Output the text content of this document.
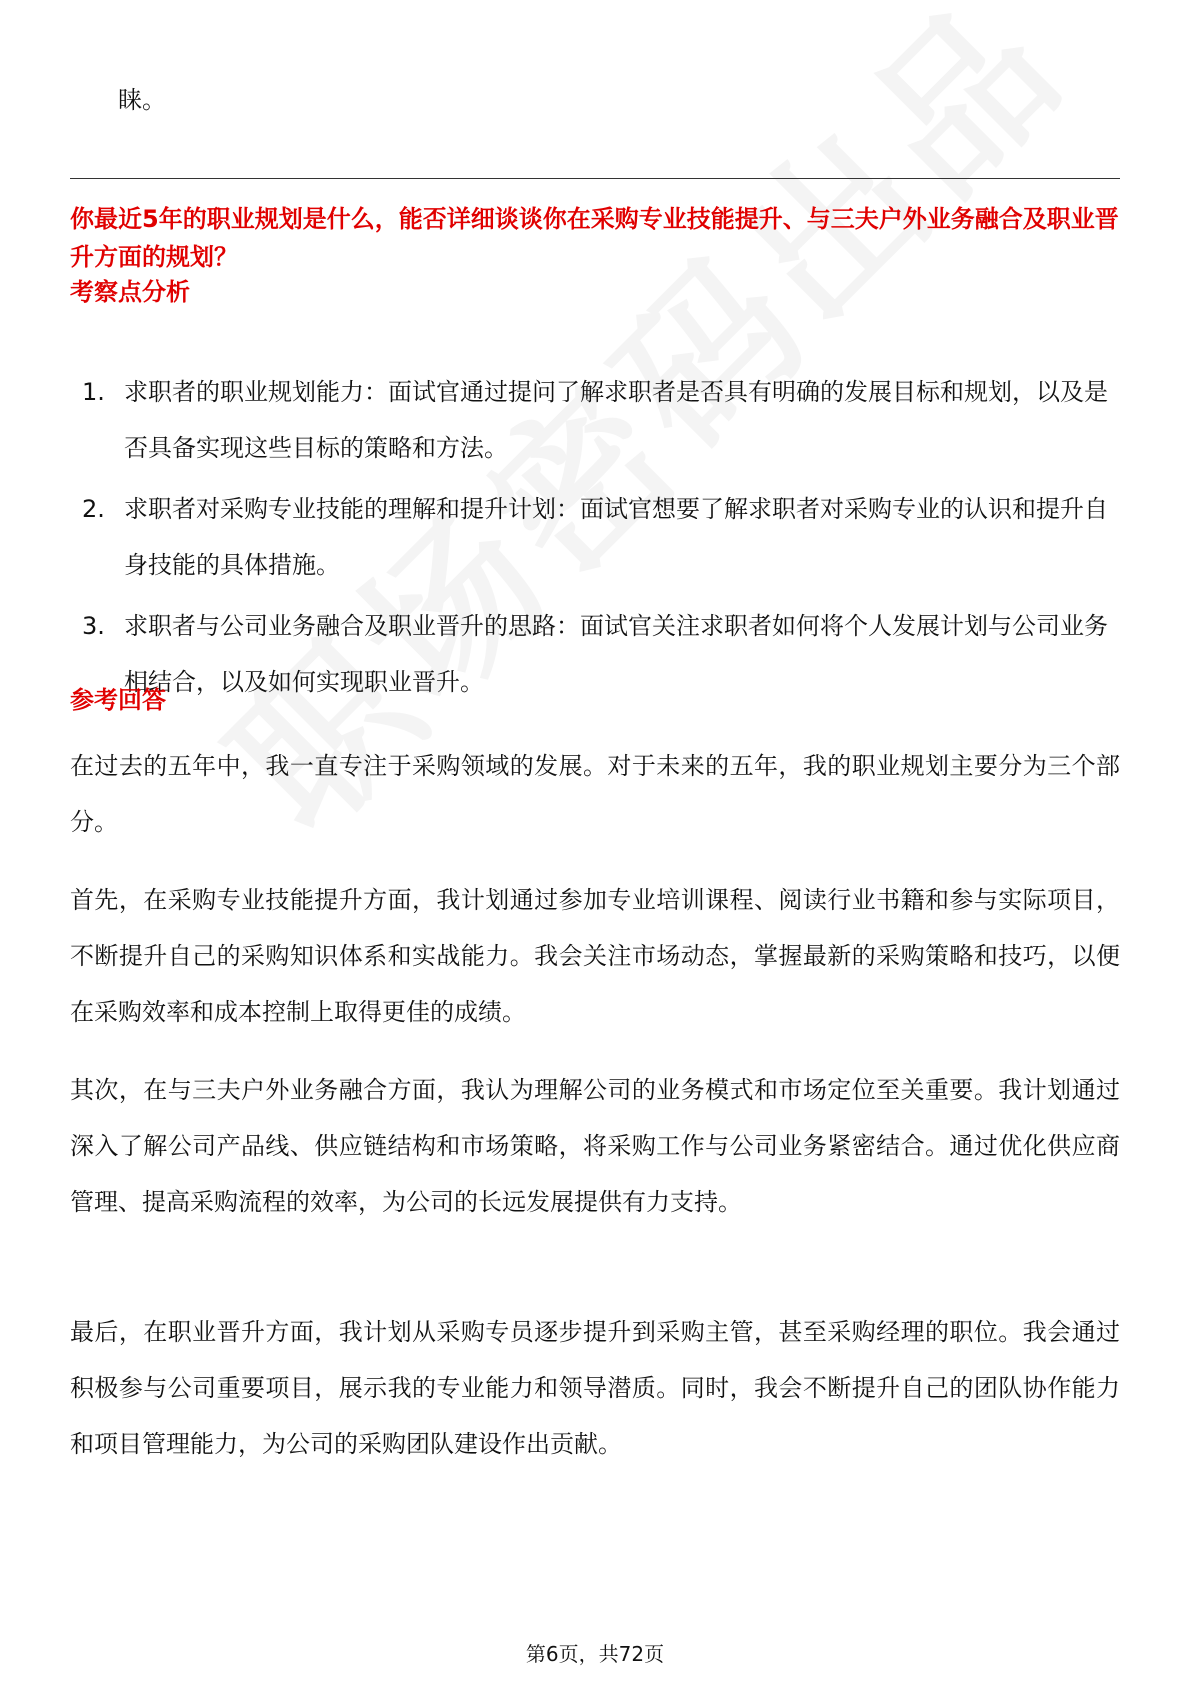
睐。
你最近5年的职业规划是什么，能否详细谈谈你在采购专业技能提升、与三夫户外业务融合及职业晋升方面的规划？
考察点分析
1. 求职者的职业规划能力：面试官通过提问了解求职者是否具有明确的发展目标和规划，以及是否具备实现这些目标的策略和方法。
2. 求职者对采购专业技能的理解和提升计划：面试官想要了解求职者对采购专业的认识和提升自身技能的具体措施。
3. 求职者与公司业务融合及职业晋升的思路：面试官关注求职者如何将个人发展计划与公司业务相结合，以及如何实现职业晋升。
参考回答
在过去的五年中，我一直专注于采购领域的发展。对于未来的五年，我的职业规划主要分为三个部分。
首先，在采购专业技能提升方面，我计划通过参加专业培训课程、阅读行业书籍和参与实际项目，不断提升自己的采购知识体系和实战能力。我会关注市场动态，掌握最新的采购策略和技巧，以便在采购效率和成本控制上取得更佳的成绩。
其次，在与三夫户外业务融合方面，我认为理解公司的业务模式和市场定位至关重要。我计划通过深入了解公司产品线、供应链结构和市场策略，将采购工作与公司业务紧密结合。通过优化供应商管理、提高采购流程的效率，为公司的长远发展提供有力支持。
最后，在职业晋升方面，我计划从采购专员逐步提升到采购主管，甚至采购经理的职位。我会通过积极参与公司重要项目，展示我的专业能力和领导潜质。同时，我会不断提升自己的团队协作能力和项目管理能力，为公司的采购团队建设作出贡献。
第6页，共72页
